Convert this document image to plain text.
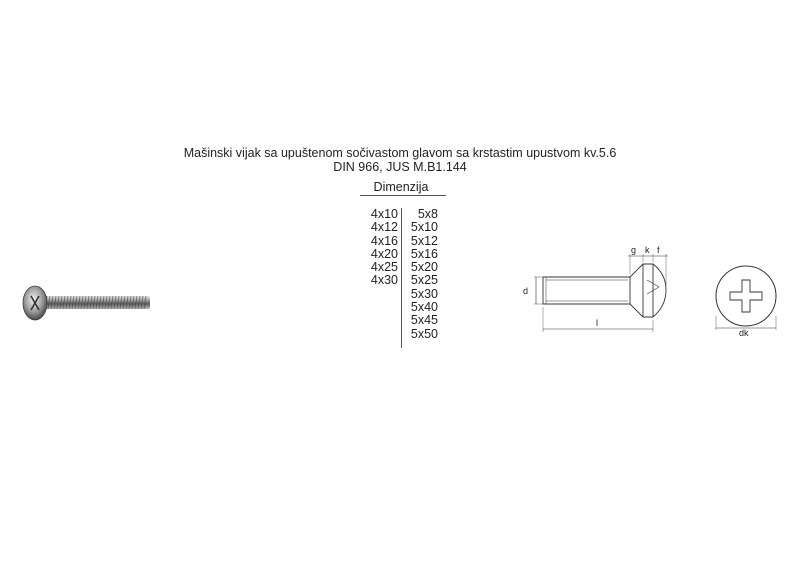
Mašinski vijak sa upuštenom sočivastom glavom sa krstastim upustvom kv.5.6
DIN 966, JUS M.B1.144
Dimenzija
4x10
4x12
4x16
4x20
4x25
4x30
5x8
5x10
5x12
5x16
5x20
5x25
5x30
5x40
5x45
5x50
d
l
g k f
dk
